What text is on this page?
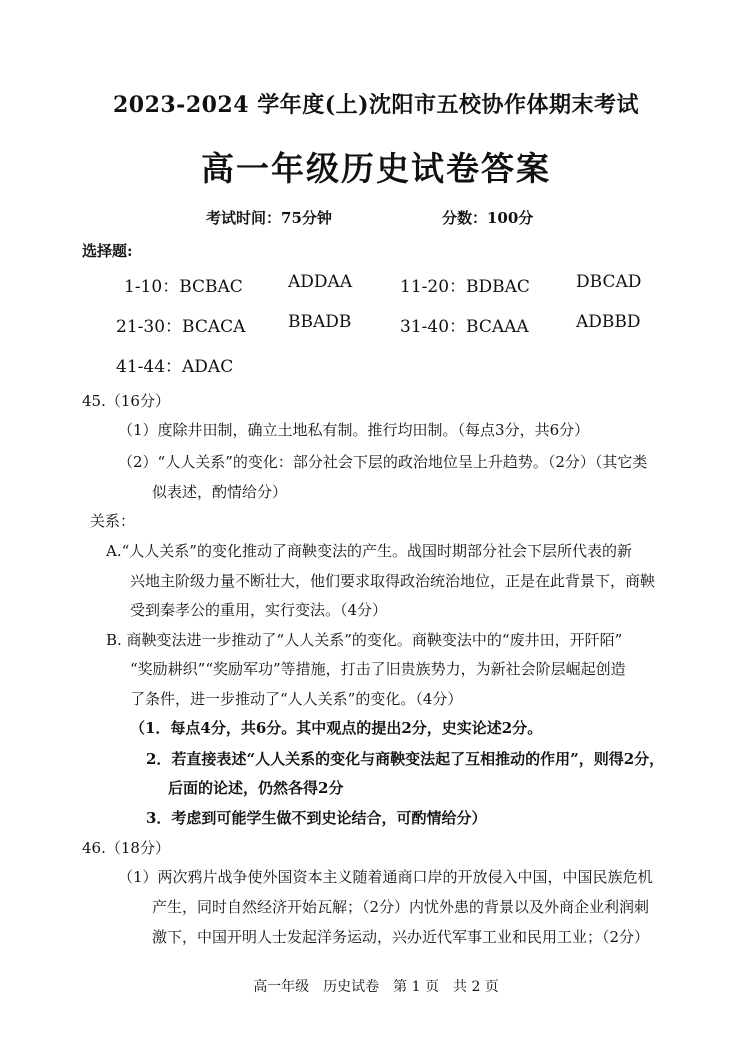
2023-2024 学年度(上)沈阳市五校协作体期末考试
高一年级历史试卷答案
考试时间：75分钟	分数：100分
选择题:
1-10：BCBAC	ADDAA	11-20：BDBAC	DBCAD
21-30：BCACA	BBADB	31-40：BCAAA	ADBBD
41-44：ADAC
45.（16分）
（1）度除井田制，确立土地私有制。推行均田制。（每点3分，共6分）
（2）“人人关系”的变化：部分社会下层的政治地位呈上升趋势。（2分）（其它类
似表述，酌情给分）
关系：
A.“人人关系”的变化推动了商鞅变法的产生。战国时期部分社会下层所代表的新
兴地主阶级力量不断壮大，他们要求取得政治统治地位，正是在此背景下，商鞅
受到秦孝公的重用，实行变法。（4分）
B. 商鞅变法进一步推动了“人人关系”的变化。商鞅变法中的“废井田，开阡陌”
“奖励耕织”“奖励军功”等措施，打击了旧贵族势力，为新社会阶层崛起创造
了条件，进一步推动了“人人关系”的变化。（4分）
（1．每点4分，共6分。其中观点的提出2分，史实论述2分。
2．若直接表述“人人关系的变化与商鞅变法起了互相推动的作用”，则得2分，
后面的论述，仍然各得2分
3．考虑到可能学生做不到史论结合，可酌情给分）
46.（18分）
（1）两次鸦片战争使外国资本主义随着通商口岸的开放侵入中国，中国民族危机
产生，同时自然经济开始瓦解；（2分）内忧外患的背景以及外商企业利润刺
激下，中国开明人士发起洋务运动，兴办近代军事工业和民用工业；（2分）
高一年级　历史试卷　第 1 页　共 2 页
